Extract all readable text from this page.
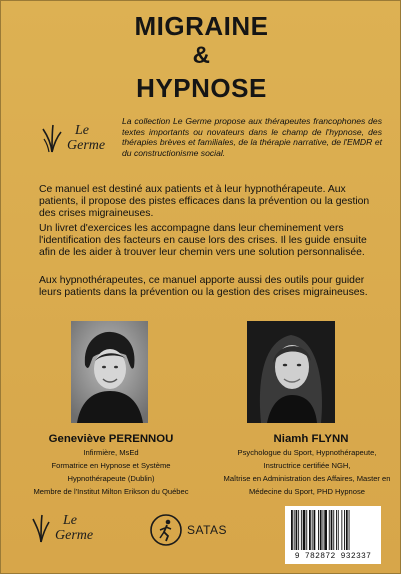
MIGRAINE
&
HYPNOSE
Le
Germe

La collection Le Germe propose aux thérapeutes francophones des textes importants ou novateurs dans le champ de l'hypnose, des thérapies brèves et familiales, de la thérapie narrative, de l'EMDR et du constructionisme social.

Ce manuel est destiné aux patients et à leur hypnothérapeute. Aux patients, il propose des pistes efficaces dans la prévention ou la gestion des crises migraineuses.

Un livret d'exercices les accompagne dans leur cheminement vers l'identification des facteurs en cause lors des crises. Il les guide ensuite afin de les aider à trouver leur chemin vers une solution personnalisée.

Aux hypnothérapeutes, ce manuel apporte aussi des outils pour guider leurs patients dans la prévention ou la gestion des crises migraineuses.

Geneviève PERENNOU

Infirmière, MsEd
Formatrice en Hypnose et Système
Hypnothérapeute (Dublin)
Membre de l'Institut Milton Erikson du Québec

Niamh FLYNN

Psychologue du Sport, Hypnothérapeute,
Instructrice certifiée NGH,
Maîtrise en Administration des Affaires, Master en
Médecine du Sport, PHD Hypnose
Le
Germe	SATAS
9 782872 932337
